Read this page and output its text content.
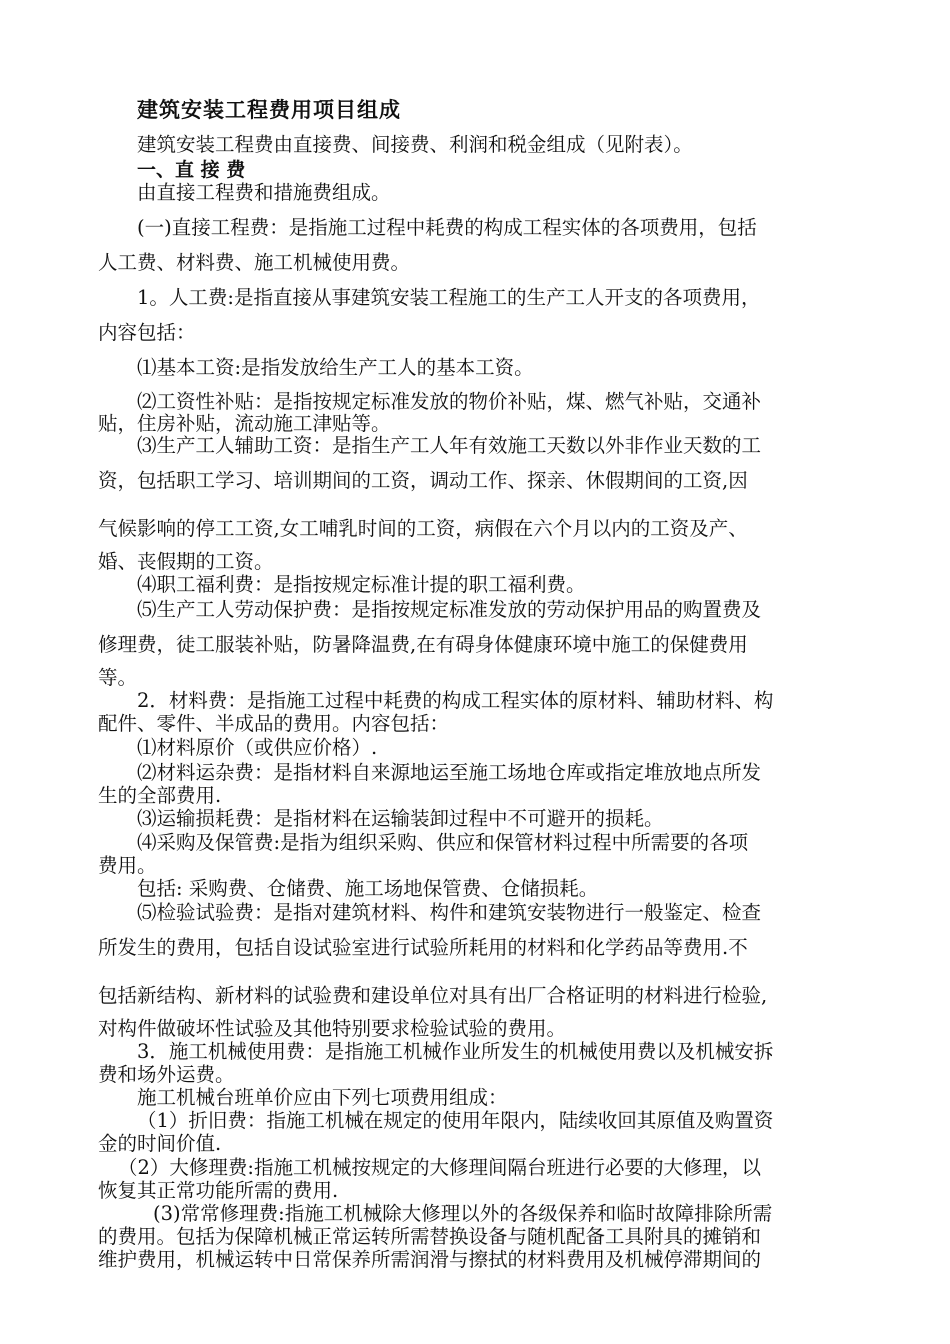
建筑安装工程费用项目组成
建筑安装工程费由直接费、间接费、利润和税金组成（见附表）。
一、直 接 费
由直接工程费和措施费组成。
(一)直接工程费：是指施工过程中耗费的构成工程实体的各项费用，包括
人工费、材料费、施工机械使用费。
1。人工费:是指直接从事建筑安装工程施工的生产工人开支的各项费用，
内容包括：
⑴基本工资:是指发放给生产工人的基本工资。
⑵工资性补贴：是指按规定标准发放的物价补贴，煤、燃气补贴，交通补
贴，住房补贴，流动施工津贴等。
⑶生产工人辅助工资：是指生产工人年有效施工天数以外非作业天数的工
资，包括职工学习、培训期间的工资，调动工作、探亲、休假期间的工资,因
气候影响的停工工资,女工哺乳时间的工资，病假在六个月以内的工资及产、
婚、丧假期的工资。
⑷职工福利费：是指按规定标准计提的职工福利费。
⑸生产工人劳动保护费：是指按规定标准发放的劳动保护用品的购置费及
修理费，徒工服装补贴，防暑降温费,在有碍身体健康环境中施工的保健费用
等。
2．材料费：是指施工过程中耗费的构成工程实体的原材料、辅助材料、构
配件、零件、半成品的费用。内容包括：
⑴材料原价（或供应价格）.
⑵材料运杂费：是指材料自来源地运至施工场地仓库或指定堆放地点所发
生的全部费用.
⑶运输损耗费：是指材料在运输装卸过程中不可避开的损耗。
⑷采购及保管费:是指为组织采购、供应和保管材料过程中所需要的各项
费用。
包括: 采购费、仓储费、施工场地保管费、仓储损耗。
⑸检验试验费：是指对建筑材料、构件和建筑安装物进行一般鉴定、检查
所发生的费用，包括自设试验室进行试验所耗用的材料和化学药品等费用.不
包括新结构、新材料的试验费和建设单位对具有出厂合格证明的材料进行检验,
对构件做破坏性试验及其他特别要求检验试验的费用。
3．施工机械使用费：是指施工机械作业所发生的机械使用费以及机械安拆
费和场外运费。
施工机械台班单价应由下列七项费用组成：
（1）折旧费：指施工机械在规定的使用年限内，陆续收回其原值及购置资
金的时间价值.
（2）大修理费:指施工机械按规定的大修理间隔台班进行必要的大修理，以
恢复其正常功能所需的费用.
(3)常常修理费:指施工机械除大修理以外的各级保养和临时故障排除所需
的费用。包括为保障机械正常运转所需替换设备与随机配备工具附具的摊销和
维护费用，机械运转中日常保养所需润滑与擦拭的材料费用及机械停滞期间的
